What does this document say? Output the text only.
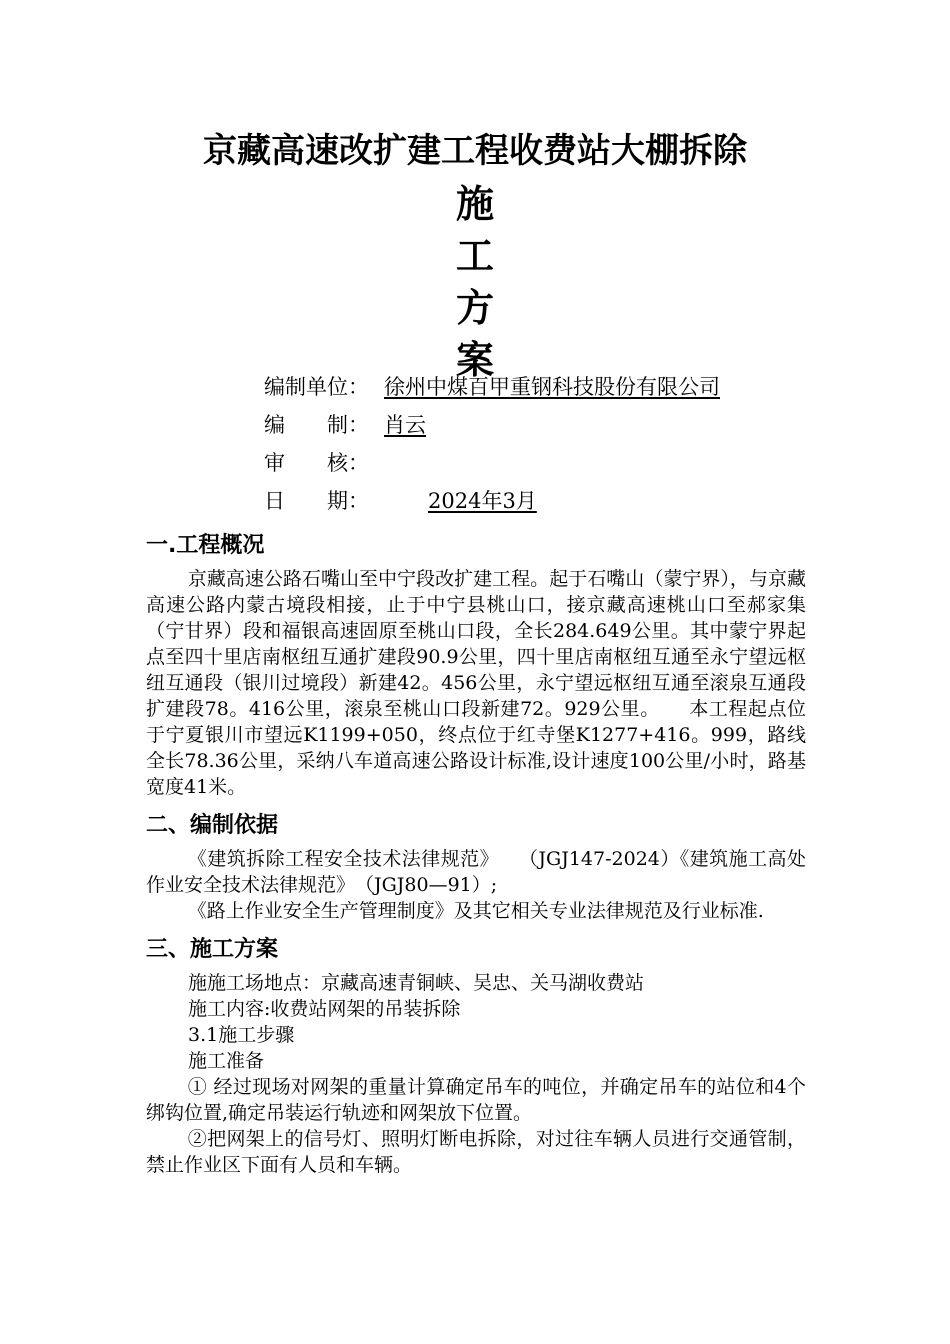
京藏高速改扩建工程收费站大棚拆除
施
工
方
案
编制单位： 徐州中煤百甲重钢科技股份有限公司
编　　制： 肖云
审　　核：
日　　期：	2024年3月
一.工程概况

京藏高速公路石嘴山至中宁段改扩建工程。起于石嘴山（蒙宁界），与京藏高速公路内蒙古境段相接，止于中宁县桃山口，接京藏高速桃山口至郝家集（宁甘界）段和福银高速固原至桃山口段，全长284.649公里。其中蒙宁界起点至四十里店南枢纽互通扩建段90.9公里，四十里店南枢纽互通至永宁望远枢纽互通段（银川过境段）新建42。456公里，永宁望远枢纽互通至滚泉互通段扩建段78。416公里，滚泉至桃山口段新建72。929公里。　　本工程起点位于宁夏银川市望远K1199+050，终点位于红寺堡K1277+416。999，路线全长78.36公里，采纳八车道高速公路设计标准,设计速度100公里/小时，路基宽度41米。

二、编制依据

《建筑拆除工程安全技术法律规范》　　（JGJ147-2024）《建筑施工高处作业安全技术法律规范》　（JGJ80—91）;

《路上作业安全生产管理制度》及其它相关专业法律规范及行业标准.

三、施工方案

施施工场地点：京藏高速青铜峡、吴忠、关马湖收费站

施工内容:收费站网架的吊装拆除

3.1施工步骤

施工准备

① 经过现场对网架的重量计算确定吊车的吨位，并确定吊车的站位和4个绑钩位置,确定吊装运行轨迹和网架放下位置。

②把网架上的信号灯、照明灯断电拆除，对过往车辆人员进行交通管制，禁止作业区下面有人员和车辆。
